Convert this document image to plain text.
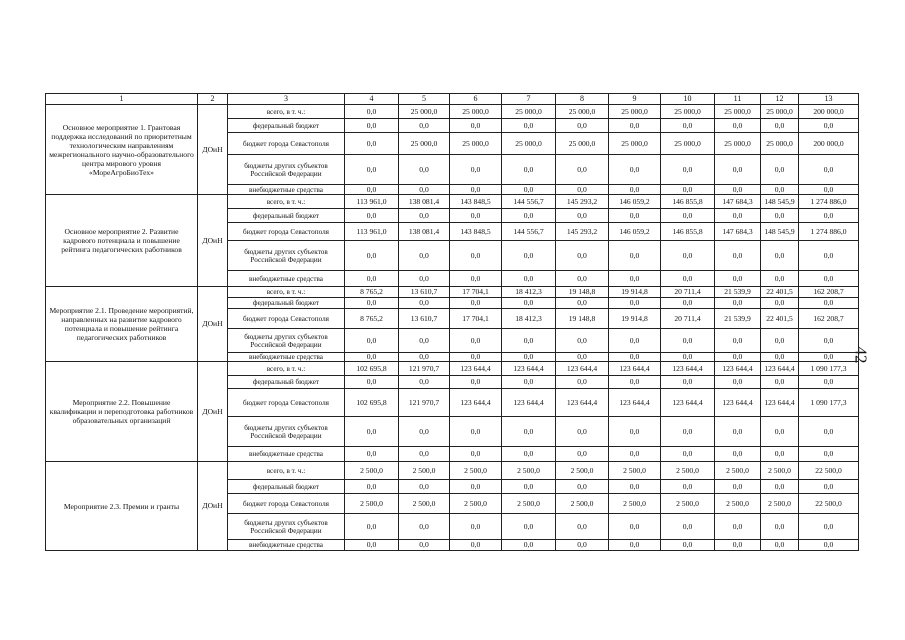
42
1	2	3	4	5	6	7	8	9	10	11	12	13
Основное мероприятие 1. Грантовая поддержка исследований по приоритетным технологическим направлениям межрегионального научно-образовательного центра мирового уровня «МореАгроБиоТех»	ДОиН	всего, в т. ч.:	0,0	25 000,0	25 000,0	25 000,0	25 000,0	25 000,0	25 000,0	25 000,0	25 000,0	200 000,0
		федеральный бюджет	0,0	0,0	0,0	0,0	0,0	0,0	0,0	0,0	0,0	0,0
		бюджет города Севастополя	0,0	25 000,0	25 000,0	25 000,0	25 000,0	25 000,0	25 000,0	25 000,0	25 000,0	200 000,0
		бюджеты других субъектов Российской Федерации	0,0	0,0	0,0	0,0	0,0	0,0	0,0	0,0	0,0	0,0
		внебюджетные средства	0,0	0,0	0,0	0,0	0,0	0,0	0,0	0,0	0,0	0,0
Основное мероприятие 2. Развитие кадрового потенциала и повышение рейтинга педагогических работников	ДОиН	всего, в т. ч.:	113 961,0	138 081,4	143 848,5	144 556,7	145 293,2	146 059,2	146 855,8	147 684,3	148 545,9	1 274 886,0
		федеральный бюджет	0,0	0,0	0,0	0,0	0,0	0,0	0,0	0,0	0,0	0,0
		бюджет города Севастополя	113 961,0	138 081,4	143 848,5	144 556,7	145 293,2	146 059,2	146 855,8	147 684,3	148 545,9	1 274 886,0
		бюджеты других субъектов Российской Федерации	0,0	0,0	0,0	0,0	0,0	0,0	0,0	0,0	0,0	0,0
		внебюджетные средства	0,0	0,0	0,0	0,0	0,0	0,0	0,0	0,0	0,0	0,0
Мероприятие 2.1. Проведение мероприятий, направленных на развитие кадрового потенциала и повышение рейтинга педагогических работников	ДОиН	всего, в т. ч.:	8 765,2	13 610,7	17 704,1	18 412,3	19 148,8	19 914,8	20 711,4	21 539,9	22 401,5	162 208,7
		федеральный бюджет	0,0	0,0	0,0	0,0	0,0	0,0	0,0	0,0	0,0	0,0
		бюджет города Севастополя	8 765,2	13 610,7	17 704,1	18 412,3	19 148,8	19 914,8	20 711,4	21 539,9	22 401,5	162 208,7
		бюджеты других субъектов Российской Федерации	0,0	0,0	0,0	0,0	0,0	0,0	0,0	0,0	0,0	0,0
		внебюджетные средства	0,0	0,0	0,0	0,0	0,0	0,0	0,0	0,0	0,0	0,0
Мероприятие 2.2. Повышение квалификации и переподготовка работников образовательных организаций	ДОиН	всего, в т. ч.:	102 695,8	121 970,7	123 644,4	123 644,4	123 644,4	123 644,4	123 644,4	123 644,4	123 644,4	1 090 177,3
		федеральный бюджет	0,0	0,0	0,0	0,0	0,0	0,0	0,0	0,0	0,0	0,0
		бюджет города Севастополя	102 695,8	121 970,7	123 644,4	123 644,4	123 644,4	123 644,4	123 644,4	123 644,4	123 644,4	1 090 177,3
		бюджеты других субъектов Российской Федерации	0,0	0,0	0,0	0,0	0,0	0,0	0,0	0,0	0,0	0,0
		внебюджетные средства	0,0	0,0	0,0	0,0	0,0	0,0	0,0	0,0	0,0	0,0
Мероприятие 2.3. Премии и гранты	ДОиН	всего, в т. ч.:	2 500,0	2 500,0	2 500,0	2 500,0	2 500,0	2 500,0	2 500,0	2 500,0	2 500,0	22 500,0
		федеральный бюджет	0,0	0,0	0,0	0,0	0,0	0,0	0,0	0,0	0,0	0,0
		бюджет города Севастополя	2 500,0	2 500,0	2 500,0	2 500,0	2 500,0	2 500,0	2 500,0	2 500,0	2 500,0	22 500,0
		бюджеты других субъектов Российской Федерации	0,0	0,0	0,0	0,0	0,0	0,0	0,0	0,0	0,0	0,0
		внебюджетные средства	0,0	0,0	0,0	0,0	0,0	0,0	0,0	0,0	0,0	0,0
